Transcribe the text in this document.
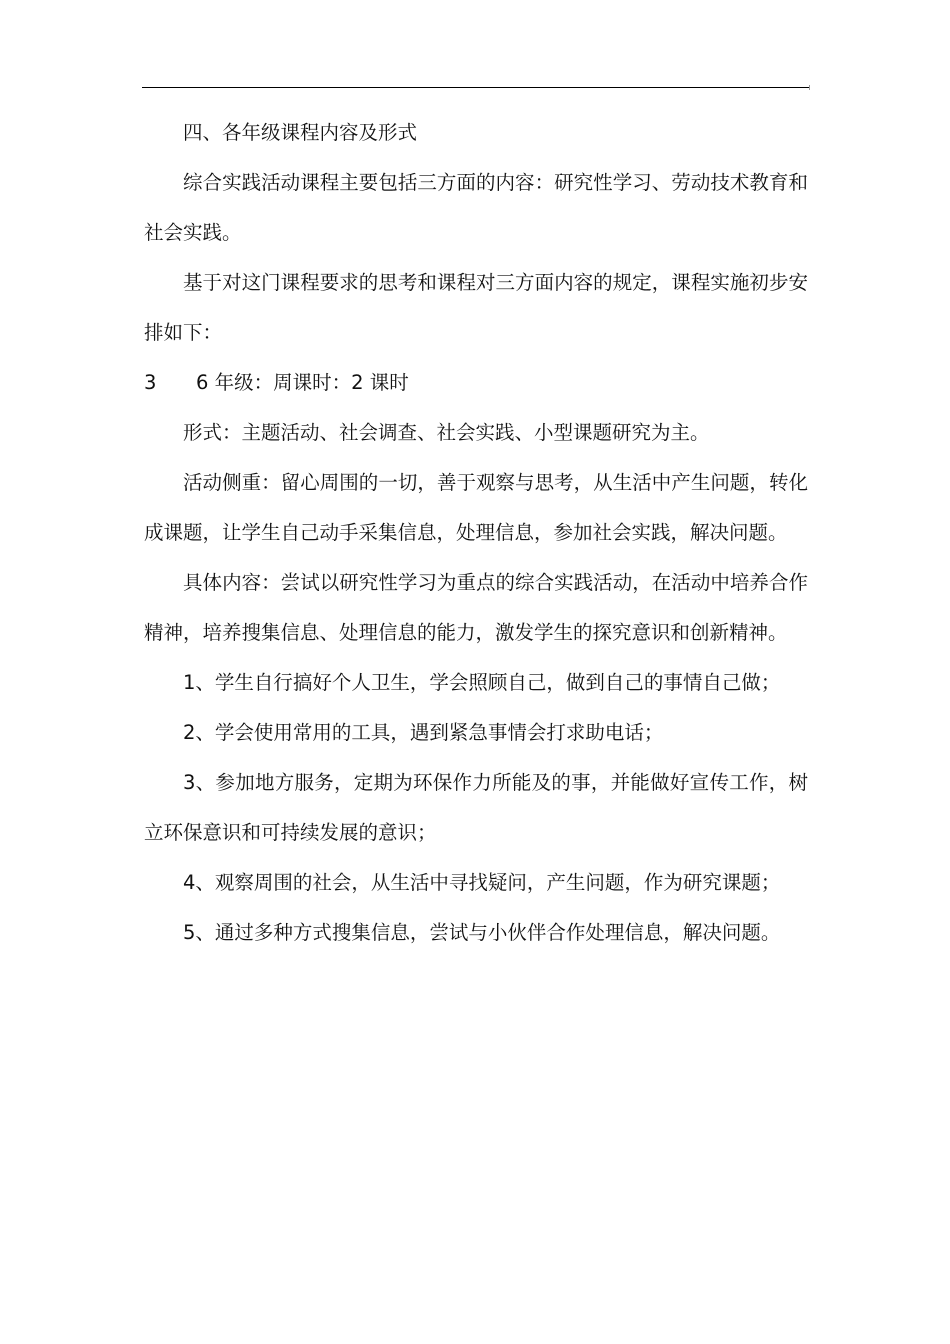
四、各年级课程内容及形式

综合实践活动课程主要包括三方面的内容：研究性学习、劳动技术教育和社会实践。

基于对这门课程要求的思考和课程对三方面内容的规定，课程实施初步安排如下：

3 6 年级：周课时：2 课时

形式：主题活动、社会调查、社会实践、小型课题研究为主。

活动侧重：留心周围的一切，善于观察与思考，从生活中产生问题，转化成课题，让学生自己动手采集信息，处理信息，参加社会实践，解决问题。

具体内容：尝试以研究性学习为重点的综合实践活动，在活动中培养合作精神，培养搜集信息、处理信息的能力，激发学生的探究意识和创新精神。

1、学生自行搞好个人卫生，学会照顾自己，做到自己的事情自己做；

2、学会使用常用的工具，遇到紧急事情会打求助电话；

3、参加地方服务，定期为环保作力所能及的事，并能做好宣传工作，树立环保意识和可持续发展的意识；

4、观察周围的社会，从生活中寻找疑问，产生问题，作为研究课题；

5、通过多种方式搜集信息，尝试与小伙伴合作处理信息，解决问题。
